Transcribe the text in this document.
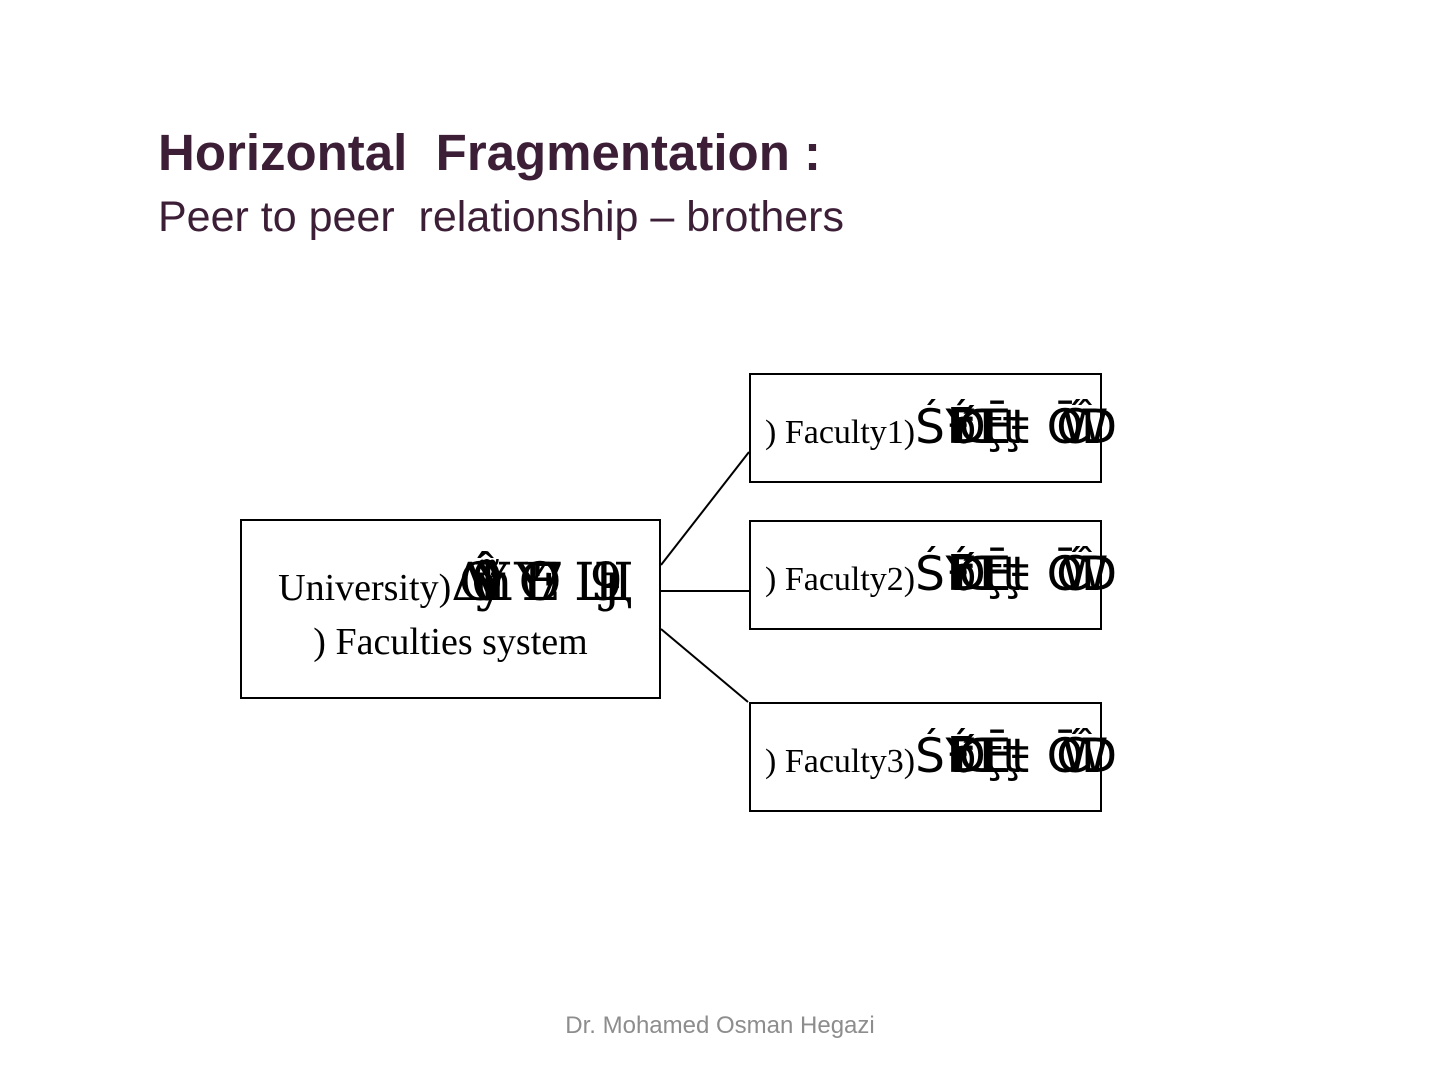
Horizontal  Fragmentation :
Peer to peer  relationship – brothers
University)ΔÓθüỹΥĥ Ε'ΥΘ7 Щɟ9
) Faculties system
) Faculty1)Ś ŕÝƃĐŒĒţ ŌĆŴD
) Faculty2)Ś ŕÝƃĐŒĒţ ŌĆŴD
) Faculty3)Ś ŕÝƃĐŒĒţ ŌĆŴD
Dr. Mohamed Osman Hegazi
